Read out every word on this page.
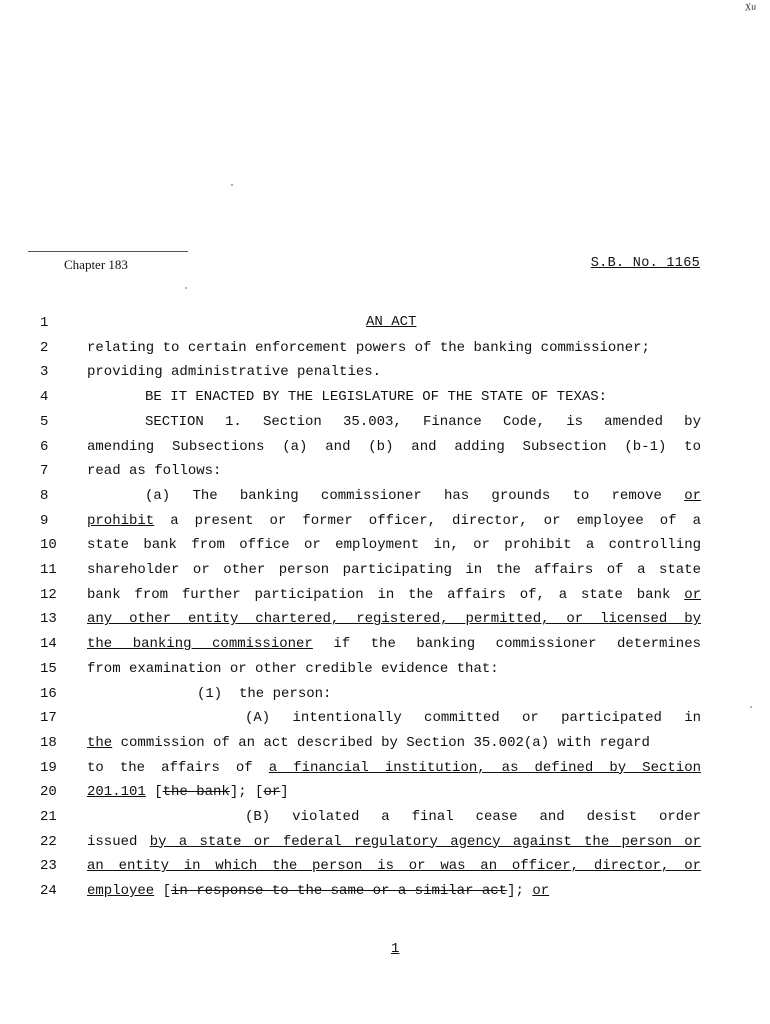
Xu
Chapter 183	S.B. No. 1165
AN ACT
1
2	relating to certain enforcement powers of the banking commissioner;
3	providing administrative penalties.
4	BE IT ENACTED BY THE LEGISLATURE OF THE STATE OF TEXAS:
5	SECTION 1. Section 35.003, Finance Code, is amended by
6	amending Subsections (a) and (b) and adding Subsection (b-1) to
7	read as follows:
8	(a) The banking commissioner has grounds to remove or
9	prohibit a present or former officer, director, or employee of a
10	state bank from office or employment in, or prohibit a controlling
11	shareholder or other person participating in the affairs of a state
12	bank from further participation in the affairs of, a state bank or
13	any other entity chartered, registered, permitted, or licensed by
14	the banking commissioner if the banking commissioner determines
15	from examination or other credible evidence that:
16	(1)  the person:
17	(A) intentionally committed or participated in
18	the commission of an act described by Section 35.002(a) with regard
19	to the affairs of a financial institution, as defined by Section
20	201.101 [the bank]; [or]
21	(B) violated a final cease and desist order
22	issued by a state or federal regulatory agency against the person or
23	an entity in which the person is or was an officer, director, or
24	employee [in response to the same or a similar act]; or
1
